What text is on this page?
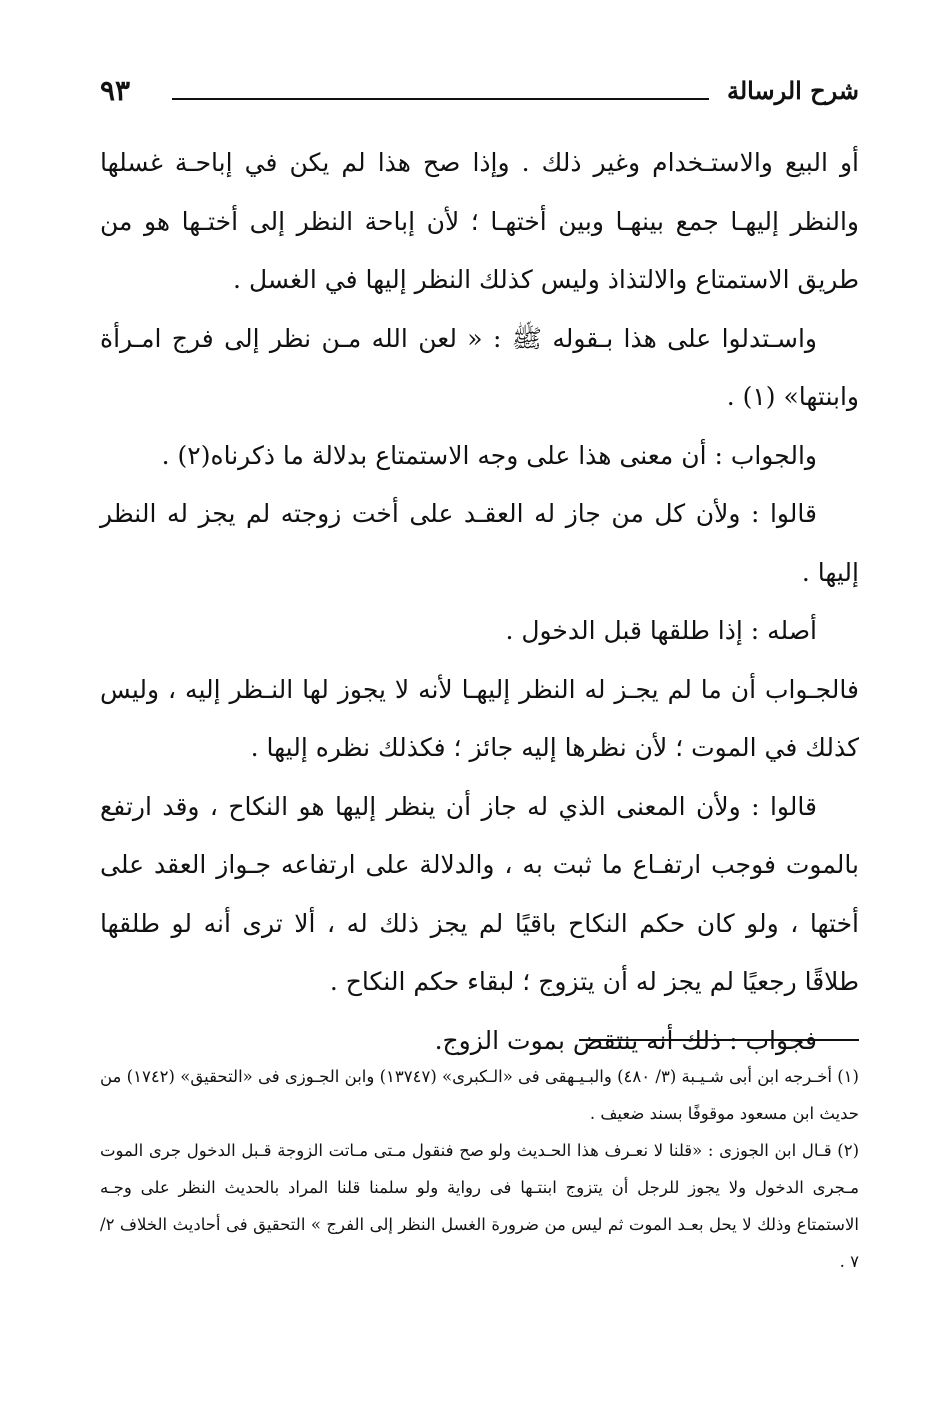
شرح الرسالة
٩٣

أو البيع والاستـخدام وغير ذلك . وإذا صح هذا لم يكن في إباحـة غسلها والنظر إليهـا جمع بينهـا وبين أختهـا ؛ لأن إباحة النظر إلى أختـها هو من طريق الاستمتاع والالتذاذ وليس كذلك النظر إليها في الغسل .

واسـتدلوا على هذا بـقوله ﷺ : « لعن الله مـن نظر إلى فرج امـرأة وابنتها» (١) .

والجواب : أن معنى هذا على وجه الاستمتاع بدلالة ما ذكرناه(٢) .

قالوا : ولأن كل من جاز له العقـد على أخت زوجته لم يجز له النظر إليها .

أصله : إذا طلقها قبل الدخول .

فالجـواب أن ما لم يجـز له النظر إليهـا لأنه لا يجوز لها النـظر إليه ، وليس كذلك في الموت ؛ لأن نظرها إليه جائز ؛ فكذلك نظره إليها .

قالوا : ولأن المعنى الذي له جاز أن ينظر إليها هو النكاح ، وقد ارتفع بالموت فوجب ارتفـاع ما ثبت به ، والدلالة على ارتفاعه جـواز العقد على أختها ، ولو كان حكم النكاح باقيًا لم يجز ذلك له ، ألا ترى أنه لو طلقها طلاقًا رجعيًا لم يجز له أن يتزوج ؛ لبقاء حكم النكاح .

فجواب : ذلك أنه ينتقض بموت الزوج.

(١) أخـرجه ابن أبى شـيـبة (٣/ ٤٨٠) والبـيـهقى فى «الـكبرى» (١٣٧٤٧) وابن الجـوزى فى «التحقيق» (١٧٤٢) من حديث ابن مسعود موقوفًا بسند ضعيف .

(٢) قـال ابن الجوزى : «قلنا لا نعـرف هذا الحـديث ولو صح فنقول مـتى مـاتت الزوجة قـبل الدخول جرى الموت مـجرى الدخول ولا يجوز للرجل أن يتزوج ابنتـها فى رواية ولو سلمنا قلنا المراد بالحديث النظر على وجـه الاستمتاع وذلك لا يحل بعـد الموت ثم ليس من ضرورة الغسل النظر إلى الفرج » التحقيق فى أحاديث الخلاف ٢/ ٧ .
